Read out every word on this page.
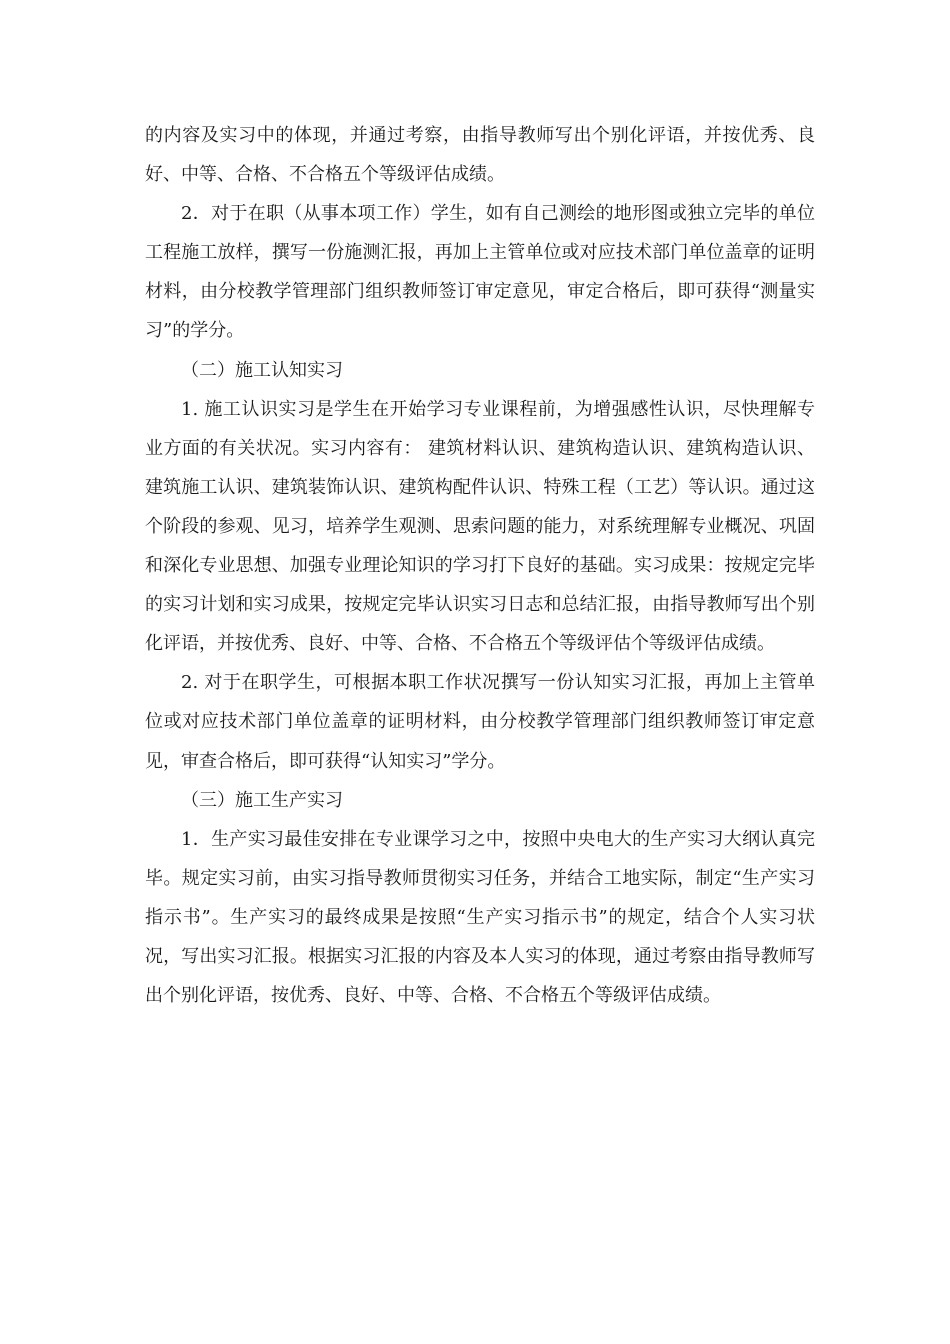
的内容及实习中的体现，并通过考察，由指导教师写出个别化评语，并按优秀、良好、中等、合格、不合格五个等级评估成绩。

2．对于在职（从事本项工作）学生，如有自己测绘的地形图或独立完毕的单位工程施工放样，撰写一份施测汇报，再加上主管单位或对应技术部门单位盖章的证明材料，由分校教学管理部门组织教师签订审定意见，审定合格后，即可获得“测量实习”的学分。

（二）施工认知实习

1. 施工认识实习是学生在开始学习专业课程前，为增强感性认识，尽快理解专业方面的有关状况。实习内容有： 建筑材料认识、建筑构造认识、建筑构造认识、建筑施工认识、建筑装饰认识、建筑构配件认识、特殊工程（工艺）等认识。通过这个阶段的参观、见习，培养学生观测、思索问题的能力，对系统理解专业概况、巩固和深化专业思想、加强专业理论知识的学习打下良好的基础。实习成果：按规定完毕的实习计划和实习成果，按规定完毕认识实习日志和总结汇报，由指导教师写出个别化评语，并按优秀、良好、中等、合格、不合格五个等级评估个等级评估成绩。

2. 对于在职学生，可根据本职工作状况撰写一份认知实习汇报，再加上主管单位或对应技术部门单位盖章的证明材料，由分校教学管理部门组织教师签订审定意见，审查合格后，即可获得“认知实习”学分。

（三）施工生产实习

1．生产实习最佳安排在专业课学习之中，按照中央电大的生产实习大纲认真完毕。规定实习前，由实习指导教师贯彻实习任务，并结合工地实际，制定“生产实习指示书”。生产实习的最终成果是按照“生产实习指示书”的规定，结合个人实习状况，写出实习汇报。根据实习汇报的内容及本人实习的体现，通过考察由指导教师写出个别化评语，按优秀、良好、中等、合格、不合格五个等级评估成绩。
